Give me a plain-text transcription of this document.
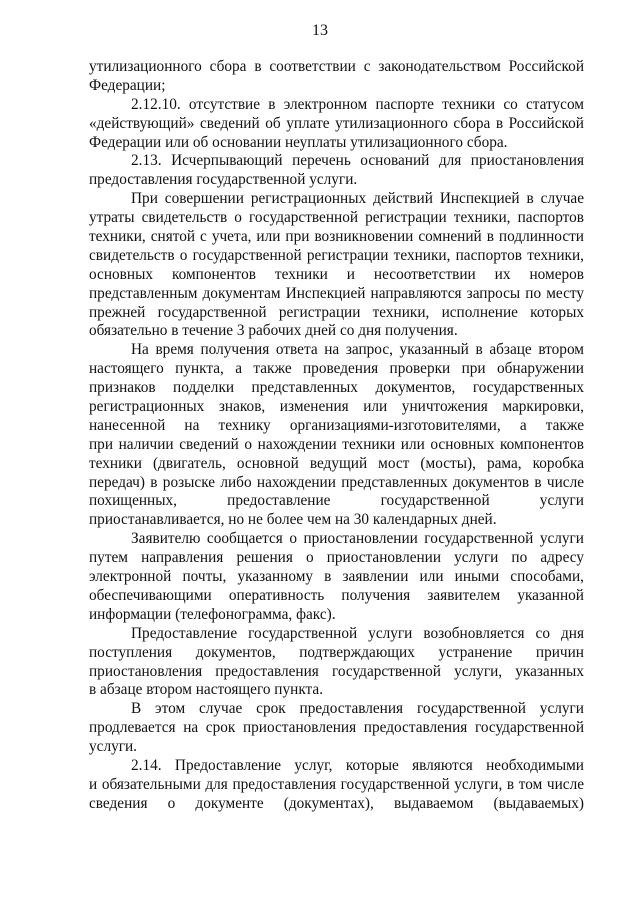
13

утилизационного сбора в соответствии с законодательством Российской
Федерации;

2.12.10. отсутствие в электронном паспорте техники со статусом
«действующий» сведений об уплате утилизационного сбора в Российской
Федерации или об основании неуплаты утилизационного сбора.

2.13. Исчерпывающий перечень оснований для приостановления
предоставления государственной услуги.

При совершении регистрационных действий Инспекцией в случае
утраты свидетельств о государственной регистрации техники, паспортов
техники, снятой с учета, или при возникновении сомнений в подлинности
свидетельств о государственной регистрации техники, паспортов техники,
основных компонентов техники и несоответствии их номеров
представленным документам Инспекцией направляются запросы по месту
прежней государственной регистрации техники, исполнение которых
обязательно в течение 3 рабочих дней со дня получения.

На время получения ответа на запрос, указанный в абзаце втором
настоящего пункта, а также проведения проверки при обнаружении
признаков подделки представленных документов, государственных
регистрационных знаков, изменения или уничтожения маркировки,
нанесенной на технику организациями-изготовителями, а также
при наличии сведений о нахождении техники или основных компонентов
техники (двигатель, основной ведущий мост (мосты), рама, коробка
передач) в розыске либо нахождении представленных документов в числе
похищенных, предоставление государственной услуги
приостанавливается, но не более чем на 30 календарных дней.

Заявителю сообщается о приостановлении государственной услуги
путем направления решения о приостановлении услуги по адресу
электронной почты, указанному в заявлении или иными способами,
обеспечивающими оперативность получения заявителем указанной
информации (телефонограмма, факс).

Предоставление государственной услуги возобновляется со дня
поступления документов, подтверждающих устранение причин
приостановления предоставления государственной услуги, указанных
в абзаце втором настоящего пункта.

В этом случае срок предоставления государственной услуги
продлевается на срок приостановления предоставления государственной
услуги.

2.14. Предоставление услуг, которые являются необходимыми
и обязательными для предоставления государственной услуги, в том числе
сведения о документе (документах), выдаваемом (выдаваемых)
